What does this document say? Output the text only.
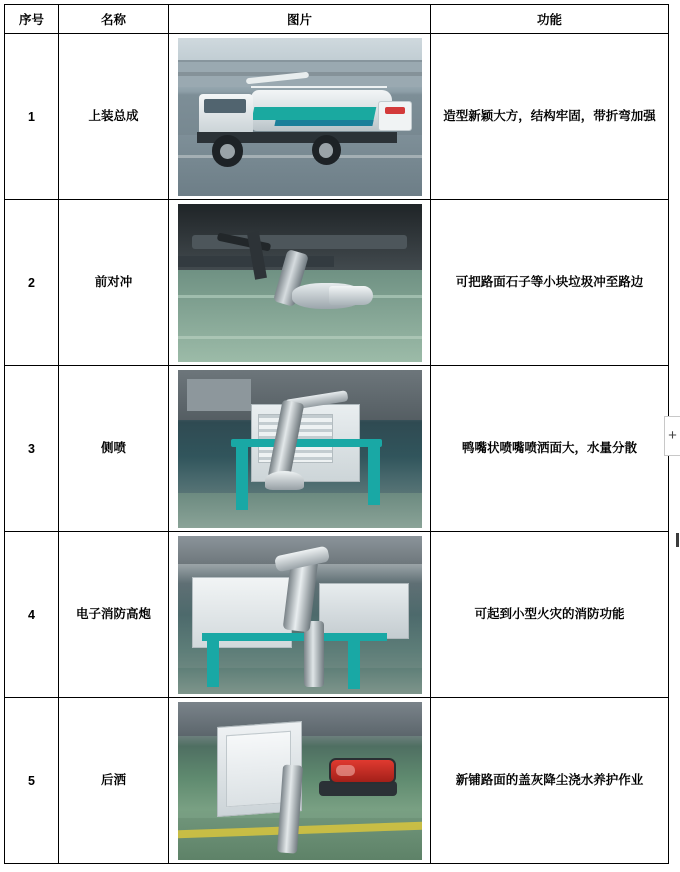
序号	名称	图片	功能
1	上装总成		造型新颖大方，结构牢固，带折弯加强
2	前对冲		可把路面石子等小块垃圾冲至路边
3	侧喷		鸭嘴状喷嘴喷洒面大，水量分散
4	电子消防高炮		可起到小型火灾的消防功能
5	后洒		新铺路面的盖灰降尘浇水养护作业
+
